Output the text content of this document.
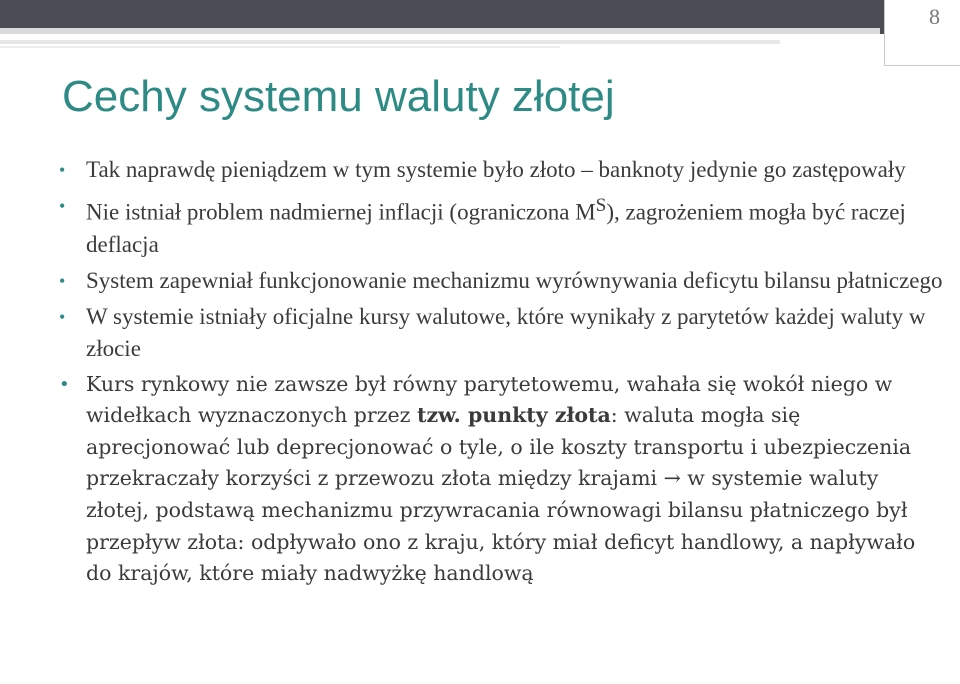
8
Cechy systemu waluty złotej
• Tak naprawdę pieniądzem w tym systemie było złoto – banknoty jedynie go zastępowały
• Nie istniał problem nadmiernej inflacji (ograniczona $M^S$), zagrożeniem mogła być raczej deflacja
• System zapewniał funkcjonowanie mechanizmu wyrównywania deficytu bilansu płatniczego
• W systemie istniały oficjalne kursy walutowe, które wynikały z parytetów każdej waluty w złocie
• Kurs rynkowy nie zawsze był równy parytetowemu, wahała się wokół niego w widełkach wyznaczonych przez tzw. punkty złota: waluta mogła się aprecjonować lub deprecjonować o tyle, o ile koszty transportu i ubezpieczenia przekraczały korzyści z przewozu złota między krajami → w systemie waluty złotej, podstawą mechanizmu przywracania równowagi bilansu płatniczego był przepływ złota: odpływało ono z kraju, który miał deficyt handlowy, a napływało do krajów, które miały nadwyżkę handlową
